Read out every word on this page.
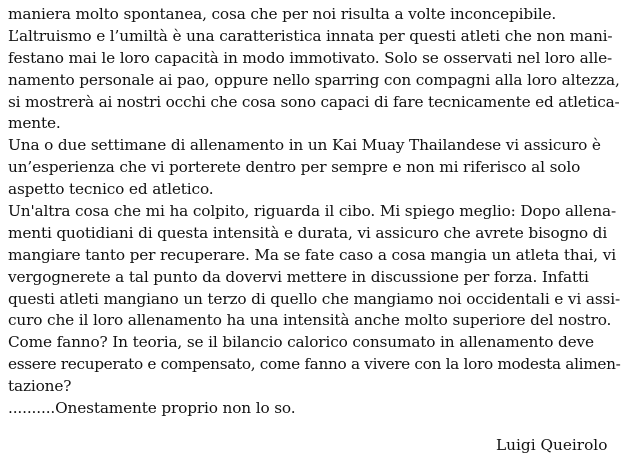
maniera molto spontanea, cosa che per noi risulta a volte inconcepibile.
L’altruismo e l’umiltà è una caratteristica innata per questi atleti che non mani-
festano mai le loro capacità in modo immotivato. Solo se osservati nel loro alle-
namento personale ai pao, oppure nello sparring con compagni alla loro altezza,
si mostrerà ai nostri occhi che cosa sono capaci di fare tecnicamente ed atletica-
mente.
Una o due settimane di allenamento in un Kai Muay Thailandese vi assicuro è
un’esperienza che vi porterete dentro per sempre e non mi riferisco al solo
aspetto tecnico ed atletico.
Un'altra cosa che mi ha colpito, riguarda il cibo. Mi spiego meglio: Dopo allena-
menti quotidiani di questa intensità e durata, vi assicuro che avrete bisogno di
mangiare tanto per recuperare. Ma se fate caso a cosa mangia un atleta thai, vi
vergognerete a tal punto da dovervi mettere in discussione per forza. Infatti
questi atleti mangiano un terzo di quello che mangiamo noi occidentali e vi assi-
curo che il loro allenamento ha una intensità anche molto superiore del nostro.
Come fanno? In teoria, se il bilancio calorico consumato in allenamento deve
essere recuperato e compensato, come fanno a vivere con la loro modesta alimen-
tazione?
..........Onestamente proprio non lo so.
Luigi Queirolo
